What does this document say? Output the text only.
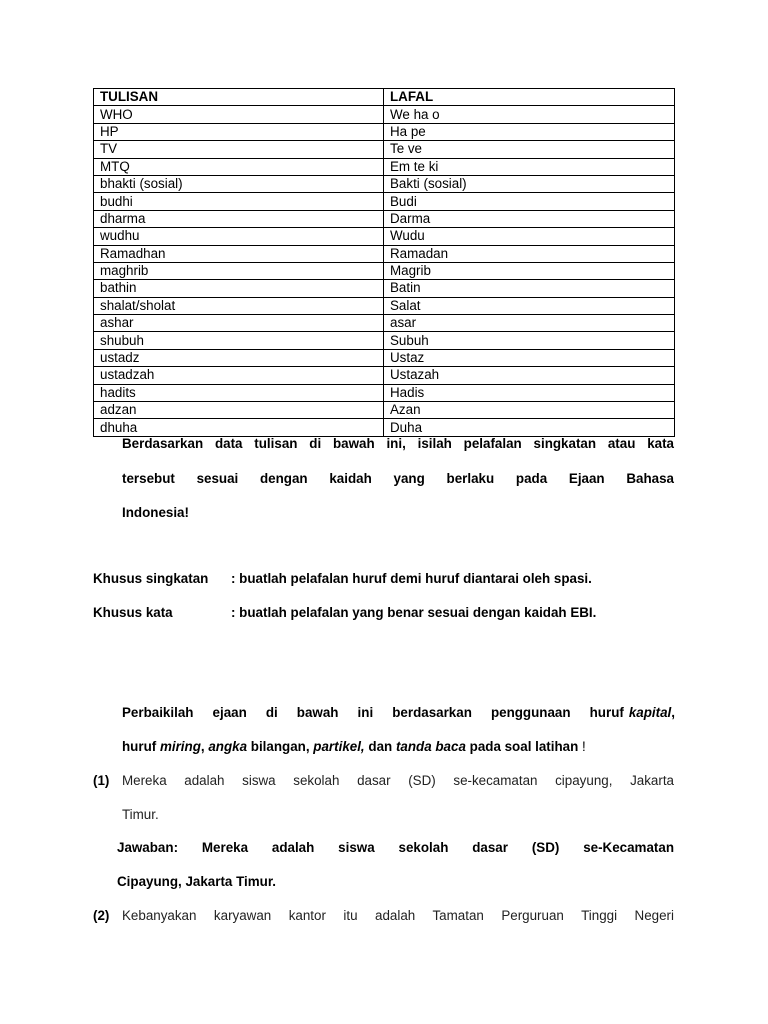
TULISAN	LAFAL
WHO	We ha o
HP	Ha pe
TV	Te ve
MTQ	Em te ki
bhakti (sosial)	Bakti (sosial)
budhi	Budi
dharma	Darma
wudhu	Wudu
Ramadhan	Ramadan
maghrib	Magrib
bathin	Batin
shalat/sholat	Salat
ashar	asar
shubuh	Subuh
ustadz	Ustaz
ustadzah	Ustazah
hadits	Hadis
adzan	Azan
dhuha	Duha
Berdasarkan data tulisan di bawah ini, isilah pelafalan singkatan atau kata
tersebut sesuai dengan kaidah yang berlaku pada Ejaan Bahasa
Indonesia!
Khusus singkatan : buatlah pelafalan huruf demi huruf diantarai oleh spasi.
Khusus kata	: buatlah pelafalan yang benar sesuai dengan kaidah EBI.
Perbaikilah ejaan di bawah ini berdasarkan penggunaan huruf kapital,
huruf miring, angka bilangan, partikel, dan tanda baca pada soal latihan !
(1) Mereka adalah siswa sekolah dasar (SD) se-kecamatan cipayung, Jakarta
Timur.
Jawaban: Mereka adalah siswa sekolah dasar (SD) se-Kecamatan
Cipayung, Jakarta Timur.
(2) Kebanyakan karyawan kantor itu adalah Tamatan Perguruan Tinggi Negeri
